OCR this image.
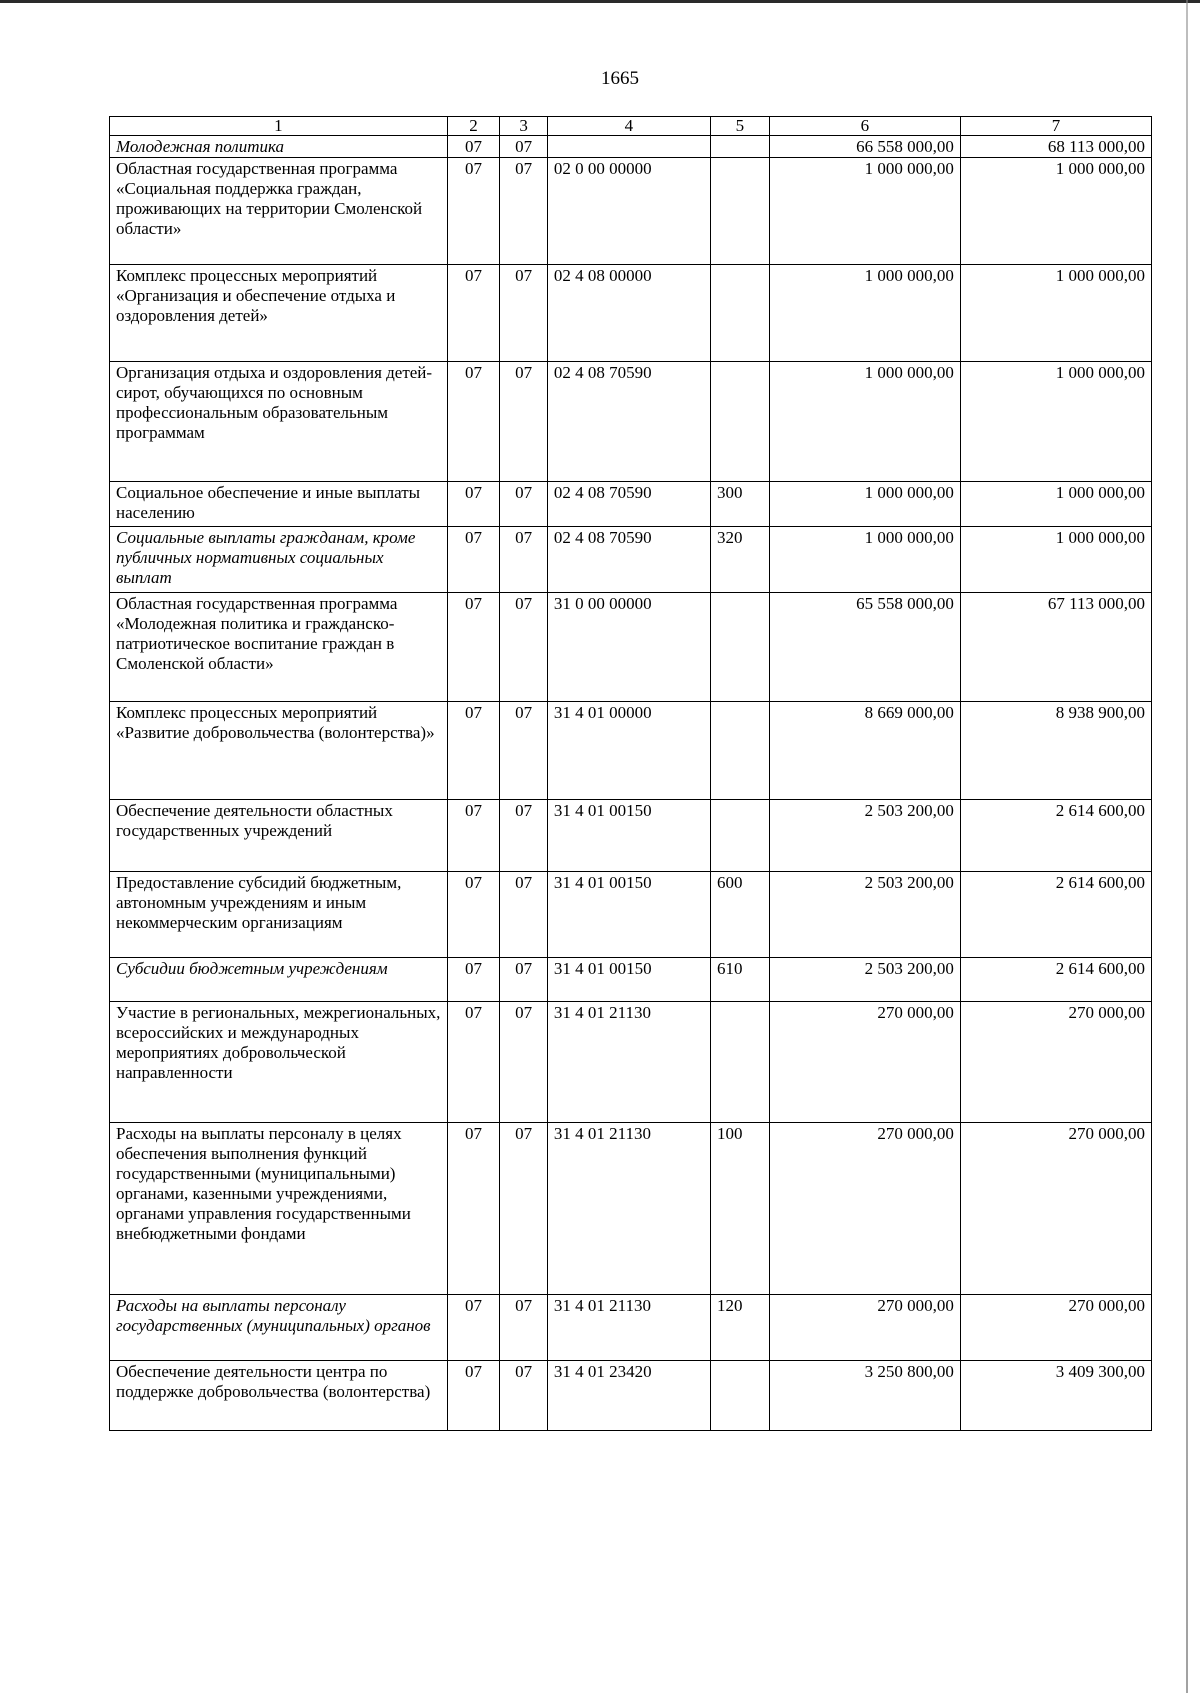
1665
1	2	3	4	5	6	7
Молодежная политика	07	07			66 558 000,00	68 113 000,00
Областная государственная программа «Социальная поддержка граждан, проживающих на территории Смоленской области»	07	07	02 0 00 00000		1 000 000,00	1 000 000,00
Комплекс процессных мероприятий «Организация и обеспечение отдыха и оздоровления детей»	07	07	02 4 08 00000		1 000 000,00	1 000 000,00
Организация отдыха и оздоровления детей-сирот, обучающихся по основным профессиональным образовательным программам	07	07	02 4 08 70590		1 000 000,00	1 000 000,00
Социальное обеспечение и иные выплаты населению	07	07	02 4 08 70590	300	1 000 000,00	1 000 000,00
Социальные выплаты гражданам, кроме публичных нормативных социальных выплат	07	07	02 4 08 70590	320	1 000 000,00	1 000 000,00
Областная государственная программа «Молодежная политика и гражданско-патриотическое воспитание граждан в Смоленской области»	07	07	31 0 00 00000		65 558 000,00	67 113 000,00
Комплекс процессных мероприятий «Развитие добровольчества (волонтерства)»	07	07	31 4 01 00000		8 669 000,00	8 938 900,00
Обеспечение деятельности областных государственных учреждений	07	07	31 4 01 00150		2 503 200,00	2 614 600,00
Предоставление субсидий бюджетным, автономным учреждениям и иным некоммерческим организациям	07	07	31 4 01 00150	600	2 503 200,00	2 614 600,00
Субсидии бюджетным учреждениям	07	07	31 4 01 00150	610	2 503 200,00	2 614 600,00
Участие в региональных, межрегиональных, всероссийских и международных мероприятиях добровольческой направленности	07	07	31 4 01 21130		270 000,00	270 000,00
Расходы на выплаты персоналу в целях обеспечения выполнения функций государственными (муниципальными) органами, казенными учреждениями, органами управления государственными внебюджетными фондами	07	07	31 4 01 21130	100	270 000,00	270 000,00
Расходы на выплаты персоналу государственных (муниципальных) органов	07	07	31 4 01 21130	120	270 000,00	270 000,00
Обеспечение деятельности центра по поддержке добровольчества (волонтерства)	07	07	31 4 01 23420		3 250 800,00	3 409 300,00
